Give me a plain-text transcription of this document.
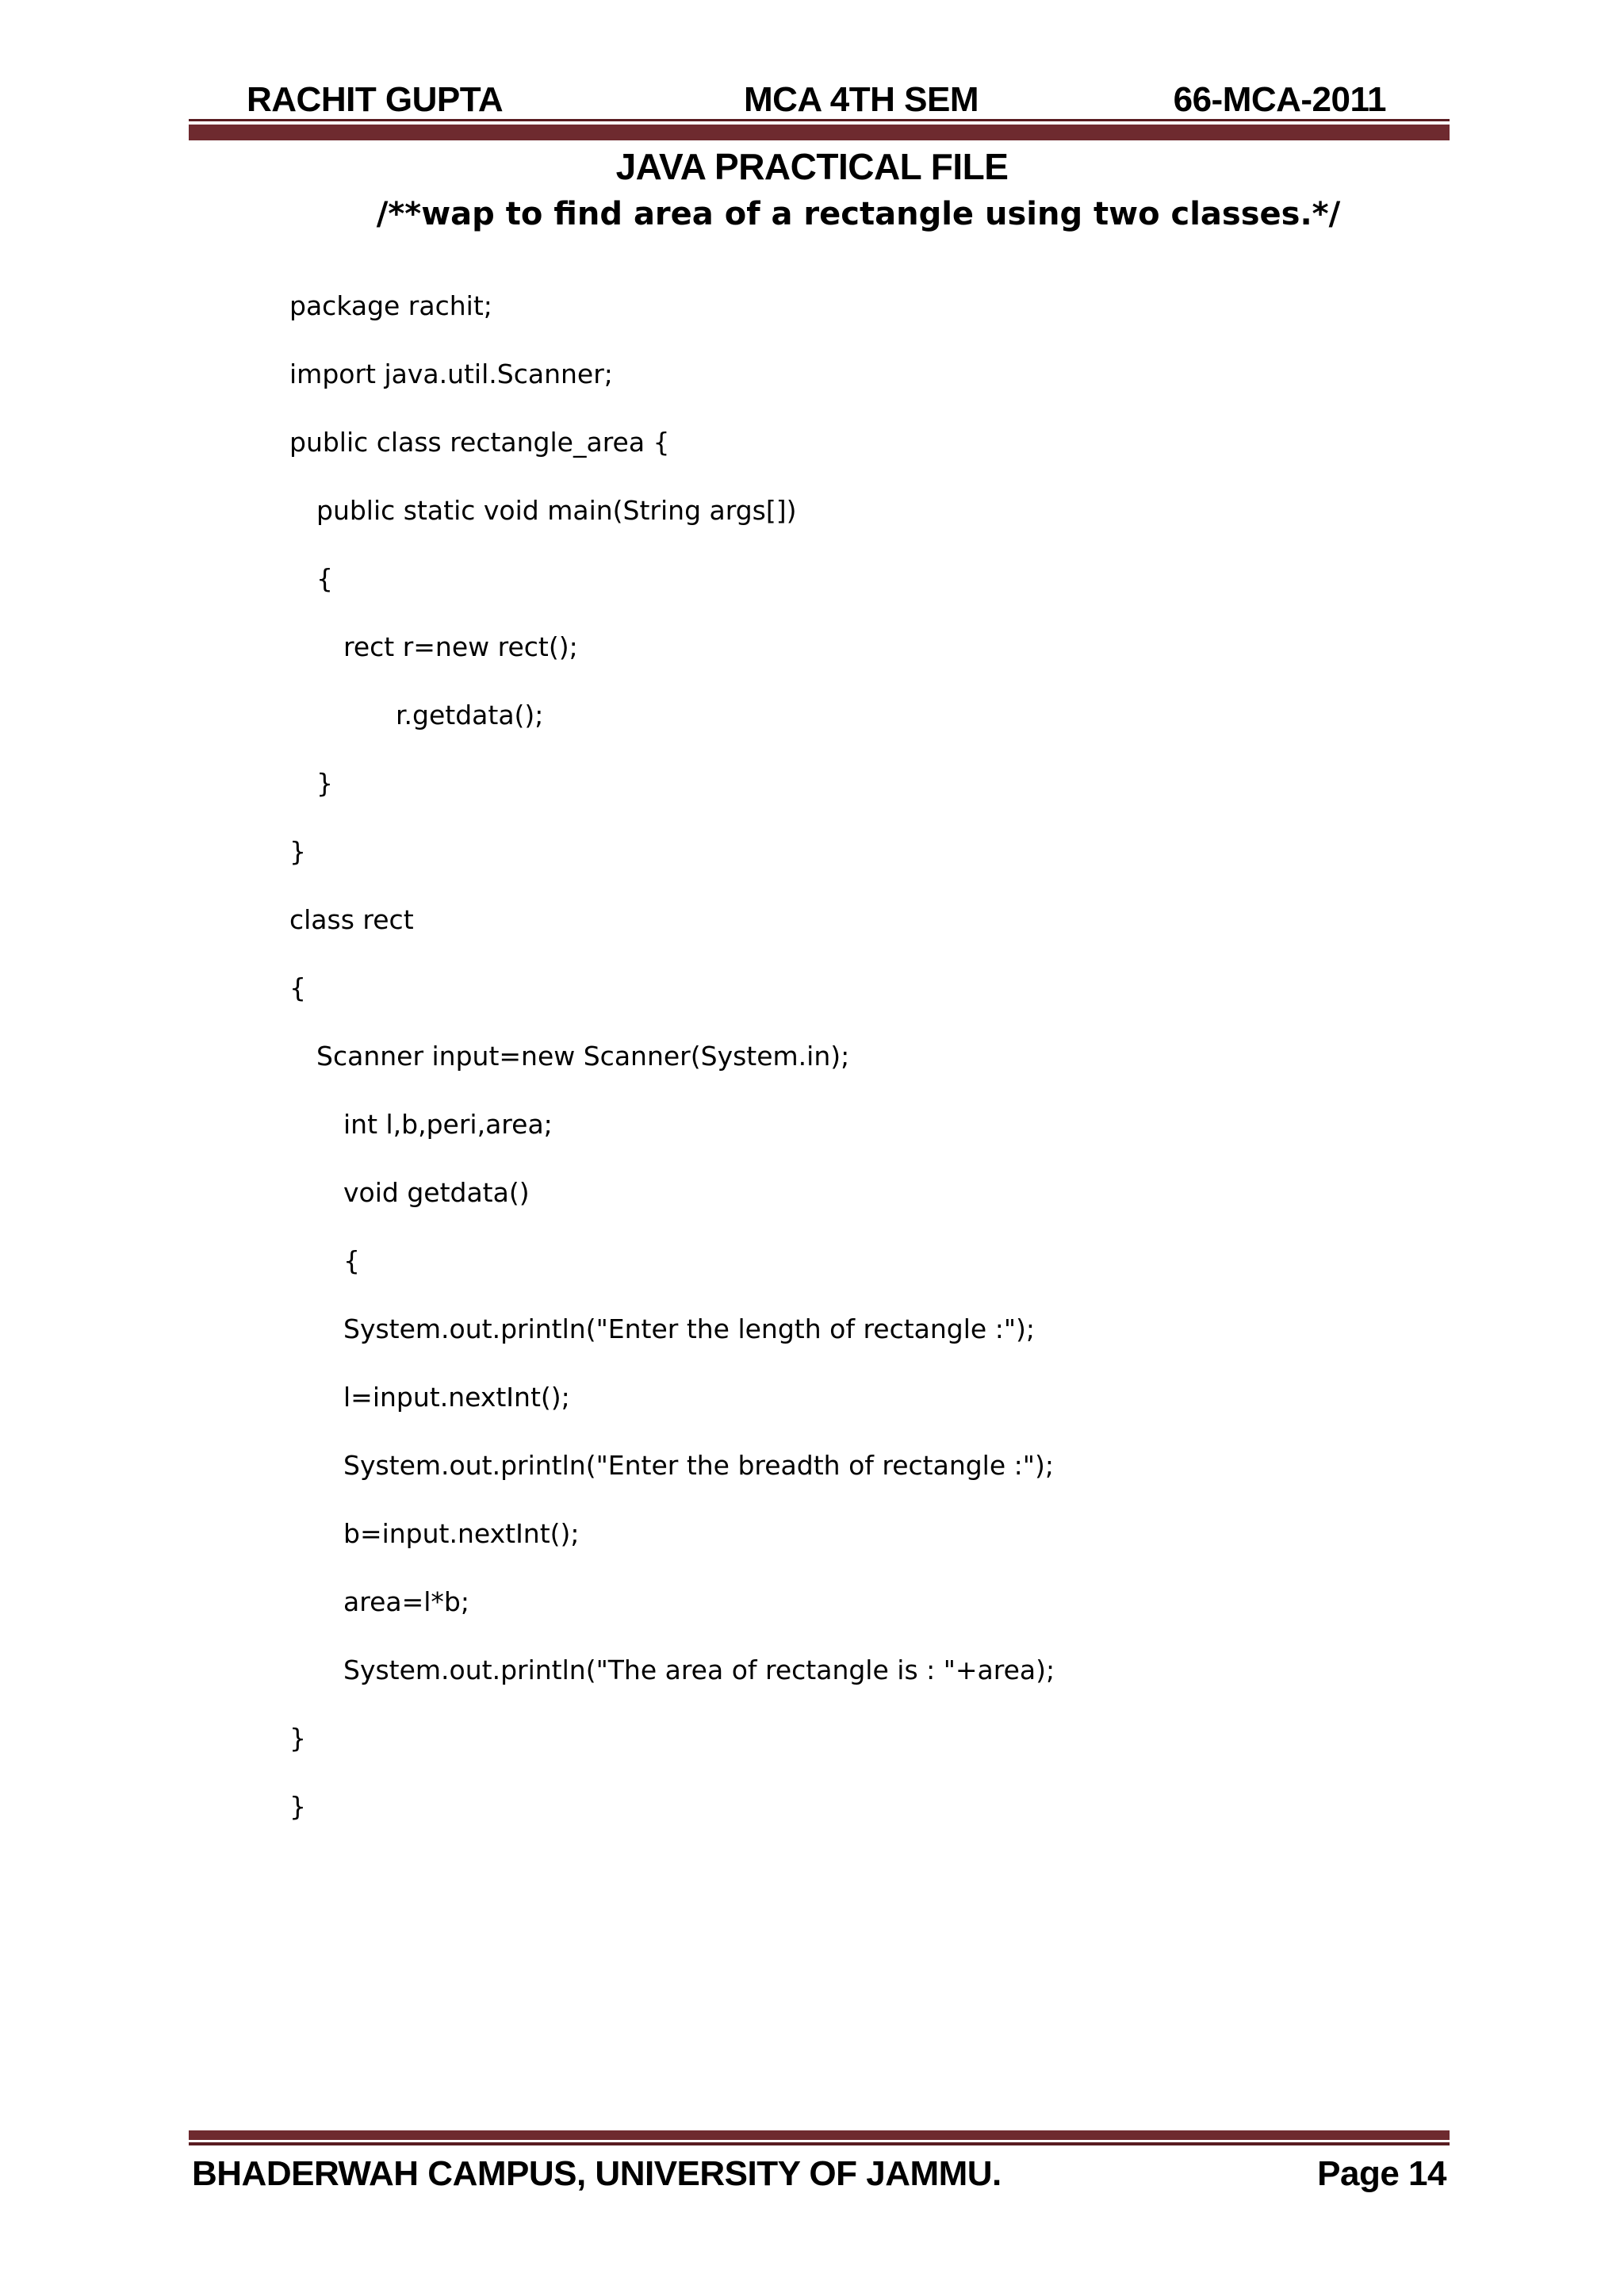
RACHIT GUPTA	MCA 4TH SEM	66-MCA-2011
JAVA PRACTICAL FILE
/**wap to find area of a rectangle using two classes.*/
package rachit;
import java.util.Scanner;
public class rectangle_area {
public static void main(String args[])
{
rect r=new rect();
r.getdata();
}
}
class rect
{
Scanner input=new Scanner(System.in);
int l,b,peri,area;
void getdata()
{
System.out.println("Enter the length of rectangle :");
l=input.nextInt();
System.out.println("Enter the breadth of rectangle :");
b=input.nextInt();
area=l*b;
System.out.println("The area of rectangle is : "+area);
}
}
BHADERWAH CAMPUS, UNIVERSITY OF JAMMU.	Page 14
